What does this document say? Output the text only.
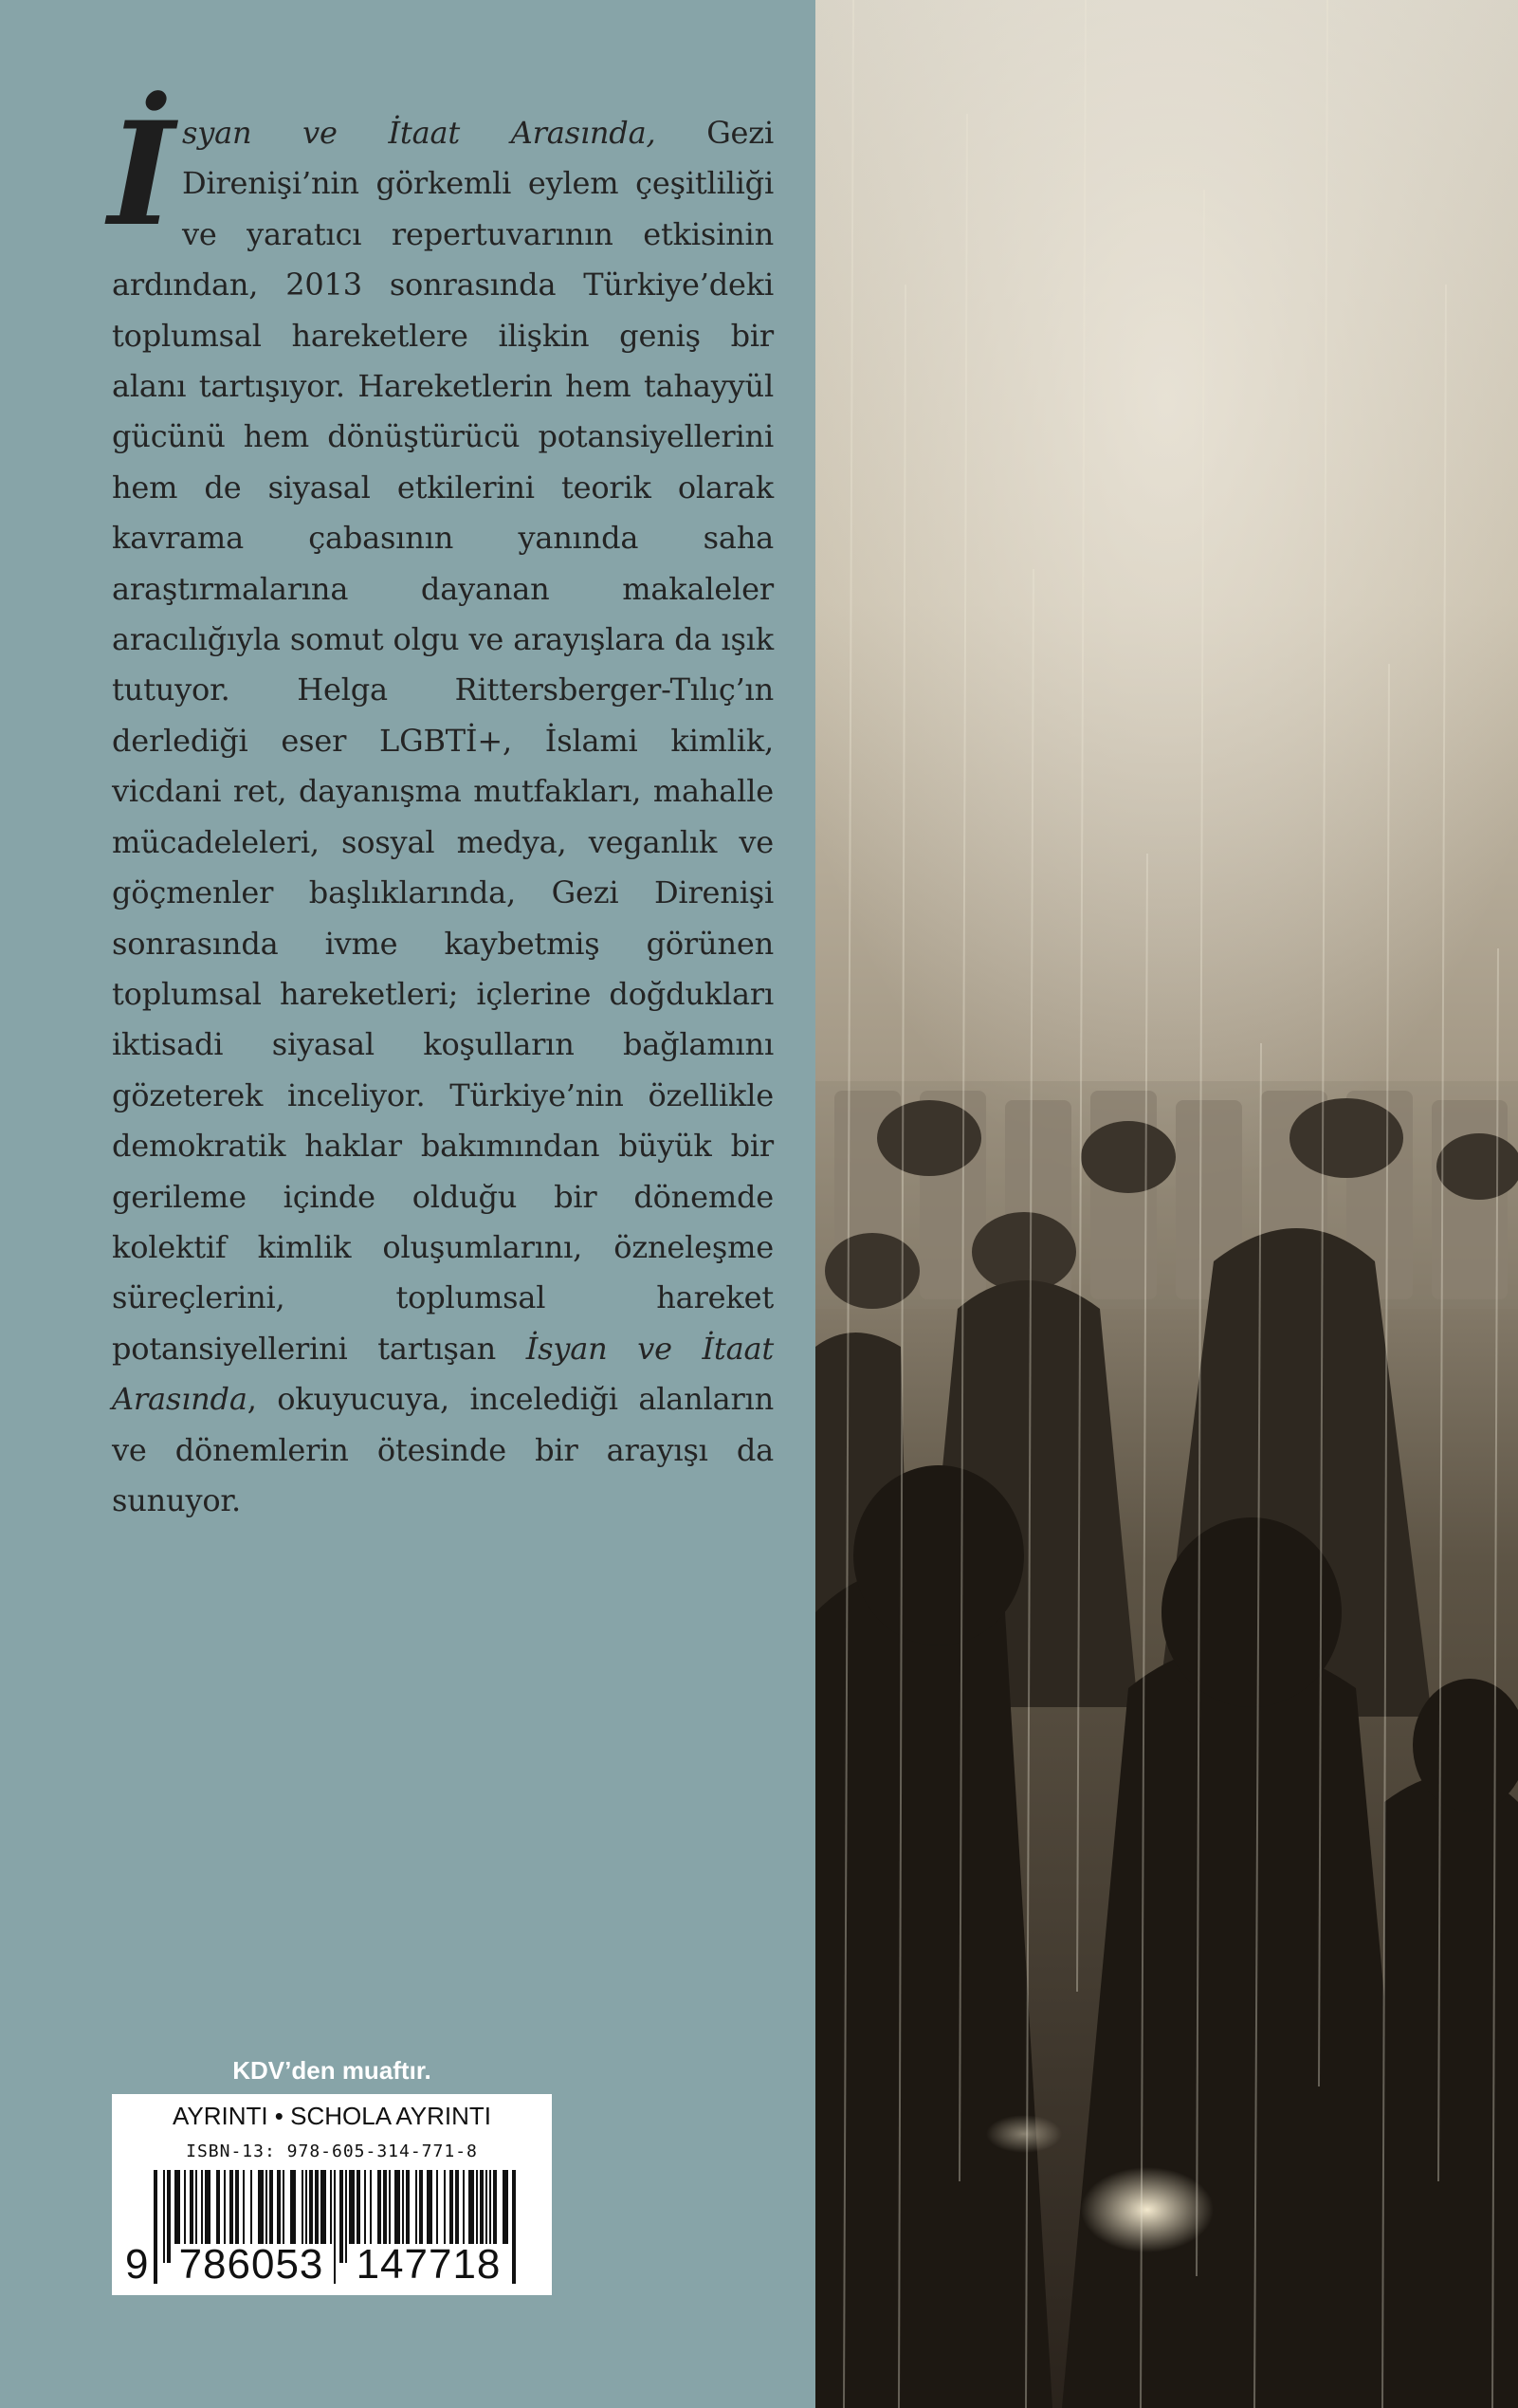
İ syan ve İtaat Arasında, Gezi Direnişi’nin görkemli eylem çeşitliliği ve yaratıcı repertuvarının etkisinin ardından, 2013 sonrasında Türkiye’deki toplumsal hareketlere ilişkin geniş bir alanı tartışıyor. Hareketlerin hem tahayyül gücünü hem dönüştürücü potansiyellerini hem de siyasal etkilerini teorik olarak kavrama çabasının yanında saha araştırmalarına dayanan makaleler aracılığıyla somut olgu ve arayışlara da ışık tutuyor. Helga Rittersberger-Tılıç’ın derlediği eser LGBTİ+, İslami kimlik, vicdani ret, dayanışma mutfakları, mahalle mücadeleleri, sosyal medya, veganlık ve göçmenler başlıklarında, Gezi Direnişi sonrasında ivme kaybetmiş görünen toplumsal hareketleri; içlerine doğdukları iktisadi siyasal koşulların bağlamını gözeterek inceliyor. Türkiye’nin özellikle demokratik haklar bakımından büyük bir gerileme içinde olduğu bir dönemde kolektif kimlik oluşumlarını, özneleşme süreçlerini, toplumsal hareket potansiyellerini tartışan İsyan ve İtaat Arasında, okuyucuya, incelediği alanların ve dönemlerin ötesinde bir arayışı da sunuyor.

KDV’den muaftır.
AYRINTI • SCHOLA AYRINTI
ISBN-13: 978-605-314-771-8
9 786053 147718
